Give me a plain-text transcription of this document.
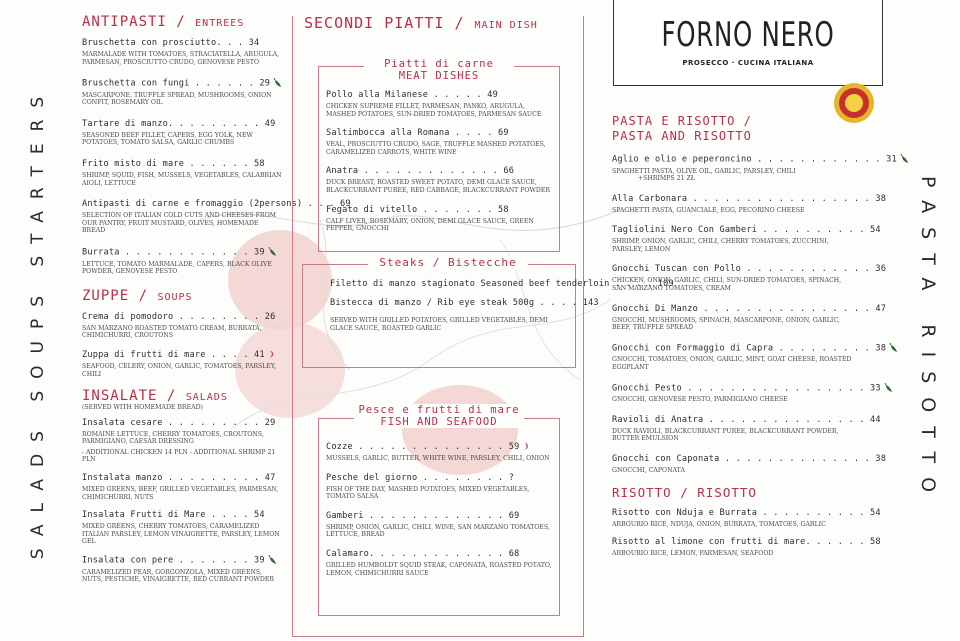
SALADS SOUPS STARTERS	PASTA RISOTTO
ANTIPASTI / ENTREES
Bruschetta con prosciutto. . . 34
MARMALADE WITH TOMATOES, STRACIATELLA, ARUGULA, PARMESAN, PROSCIUTTO CRUDO, GENOVESE PESTO
Bruschetta con fungi . . . . . . 29
MASCARPONE, TRUFFLE SPREAD, MUSHROOMS, ONION CONFIT, ROSEMARY OIL
Tartare di manzo. . . . . . . . . 49
SEASONED BEEF FILLET, CAPERS, EGG YOLK, NEW POTATOES, TOMATO SALSA, GARLIC CRUMBS
Frito misto di mare . . . . . . 58
SHRIMP, SQUID, FISH, MUSSELS, VEGETABLES, CALABRIAN AIOLI, LETTUCE
Antipasti di carne e fromaggio (2persons) . . . 69
SELECTION OF ITALIAN COLD CUTS AND CHEESES FROM OUR PANTRY, FRUIT MUSTARD, OLIVES, HOMEMADE BREAD
Burrata . . . . . . . . . . . . 39
LETTUCE, TOMATO MARMALADE, CAPERS, BLACK OLIVE POWDER, GENOVESE PESTO
ZUPPE / SOUPS
Crema di pomodoro . . . . . . . . 26
SAN MARZANO ROASTED TOMATO CREAM, BURRATA, CHIMICHURRI, CROUTONS
Zuppa di frutti di mare . . . . 41 ❩
SEAFOOD, CELERY, ONION, GARLIC, TOMATOES, PARSLEY, CHILI
INSALATE / SALADS
(SERVED WITH HOMEMADE BREAD)
Insalata cesare . . . . . . . . . 29
ROMAINE LETTUCE, CHERRY TOMATOES, CROUTONS, PARMIGIANO, CAESAR DRESSING
- ADDITIONAL CHICKEN 14 PLN - ADDITIONAL SHRIMP 21 PLN
Instalata manzo . . . . . . . . . 47
MIXED GREENS, BEEF, GRILLED VEGETABLES, PARMESAN, CHIMICHURRI, NUTS
Insalata Frutti di Mare . . . . 54
MIXED GREENS, CHERRY TOMATOES, CARAMELIZED ITALIAN PARSLEY, LEMON VINAIGRETTE, PARSLEY, LEMON GEL
Insalata con pere . . . . . . . 39
CARAMELIZED PEAR, GORGONZOLA, MIXED GREENS, NUTS, PESTICHE, VINAIGRETTE, RED CURRANT POWDER
SECONDI PIATTI / MAIN DISH
Piatti di carne
MEAT DISHES
Pollo alla Milanese . . . . . 49
CHICKEN SUPREME FILLET, PARMESAN, PANKO, ARUGULA, MASHED POTATOES, SUN-DRIED TOMATOES, PARMESAN SAUCE
Saltimbocca alla Romana . . . . 69
VEAL, PROSCIUTTO CRUDO, SAGE, TRUFFLE MASHED POTATOES, CARAMELIZED CARROTS, WHITE WINE
Anatra . . . . . . . . . . . . . 66
DUCK BREAST, ROASTED SWEET POTATO, DEMI GLACE SAUCE, BLACKCURRANT PUREE, RED CABBAGE, BLACKCURRANT POWDER
Fegato di vitello . . . . . . . 58
CALF LIVER, ROSEMARY, ONION, DEMI GLACE SAUCE, GREEN PEPPER, GNOCCHI
Steaks / Bistecche
Filetto di manzo stagionato Seasoned beef tenderloin . . . . 109
Bistecca di manzo / Rib eye steak 500g . . . . 143
SERVED WITH GRILLED POTATOES, GRILLED VEGETABLES, DEMI GLACE SAUCE, ROASTED GARLIC
Pesce e frutti di mare
FISH AND SEAFOOD
Cozze . . . . . . . . . . . . . . 59 ❩
MUSSELS, GARLIC, BUTTER, WHITE WINE, PARSLEY, CHILI, ONION
Pesche del giorno . . . . . . . . ?
FISH OF THE DAY, MASHED POTATOES, MIXED VEGETABLES, TOMATO SALSA
Gamberi . . . . . . . . . . . . . 69
SHRIMP, ONION, GARLIC, CHILI, WINE, SAN MARZANO TOMATOES, LETTUCE, BREAD
Calamaro. . . . . . . . . . . . . 68
GRILLED HUMBOLDT SQUID STEAK, CAPONATA, ROASTED POTATO, LEMON, CHIMICHURRI SAUCE
FORNO NERO
PROSECCO · CUCINA ITALIANA
PASTA E RISOTTO /
PASTA AND RISOTTO
Aglio e olio e peperoncino . . . . . . . . . . . . 31
SPAGHETTI PASTA, OLIVE OIL, GARLIC, PARSLEY, CHILI +SHRIMPS 21 ZŁ
Alla Carbonara . . . . . . . . . . . . . . . . . 38
SPAGHETTI PASTA, GUANCIALE, EGG, PECORINO CHEESE
Tagliolini Nero Con Gamberi . . . . . . . . . . 54
SHRIMP, ONION, GARLIC, CHILI, CHERRY TOMATOES, ZUCCHINI, PARSLEY, LEMON
Gnocchi Tuscan con Pollo . . . . . . . . . . . . 36
CHICKEN, ONION, GARLIC, CHILI, SUN-DRIED TOMATOES, SPINACH, SAN MARZANO TOMATOES, CREAM
Gnocchi Di Manzo . . . . . . . . . . . . . . . . 47
GNOCCHI, MUSHROOMS, SPINACH, MASCARPONE, ONION, GARLIC, BEEF, TRUFFLE SPREAD
Gnocchi con Formaggio di Capra . . . . . . . . . 38
GNOCCHI, TOMATOES, ONION, GARLIC, MINT, GOAT CHEESE, ROASTED EGGPLANT
Gnocchi Pesto . . . . . . . . . . . . . . . . . 33
GNOCCHI, GENOVESE PESTO, PARMIGIANO CHEESE
Ravioli di Anatra . . . . . . . . . . . . . . . 44
DUCK RAVIOLI, BLACKCURRANT PUREE, BLACKCURRANT POWDER, BUTTER EMULSION
Gnocchi con Caponata . . . . . . . . . . . . . . 38
GNOCCHI, CAPONATA
RISOTTO / RISOTTO
Risotto con Nduja e Burrata . . . . . . . . . . 54
ARBOURIO RICE, NDUJA, ONION, BURRATA, TOMATOES, GARLIC
Risotto al limone con frutti di mare. . . . . . 58
ARBOURIO RICE, LEMON, PARMESAN, SEAFOOD
